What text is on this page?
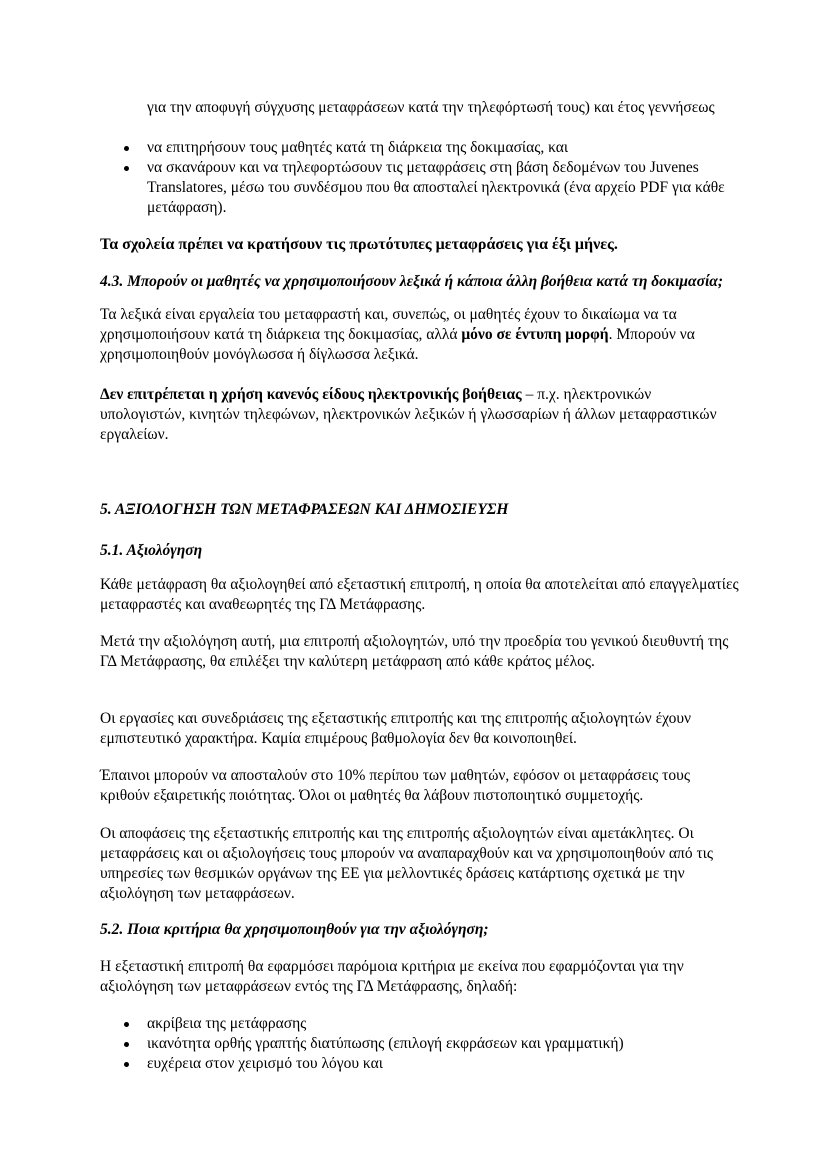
για την αποφυγή σύγχυσης μεταφράσεων κατά την τηλεφόρτωσή τους) και έτος γεννήσεως

να επιτηρήσουν τους μαθητές κατά τη διάρκεια της δοκιμασίας, και
να σκανάρουν και να τηλεφορτώσουν τις μεταφράσεις στη βάση δεδομένων του Juvenes Translatores, μέσω του συνδέσμου που θα αποσταλεί ηλεκτρονικά (ένα αρχείο PDF για κάθε μετάφραση).

Τα σχολεία πρέπει να κρατήσουν τις πρωτότυπες μεταφράσεις για έξι μήνες.

4.3. Μπορούν οι μαθητές να χρησιμοποιήσουν λεξικά ή κάποια άλλη βοήθεια κατά τη δοκιμασία;

Τα λεξικά είναι εργαλεία του μεταφραστή και, συνεπώς, οι μαθητές έχουν το δικαίωμα να τα χρησιμοποιήσουν κατά τη διάρκεια της δοκιμασίας, αλλά μόνο σε έντυπη μορφή. Μπορούν να χρησιμοποιηθούν μονόγλωσσα ή δίγλωσσα λεξικά.

Δεν επιτρέπεται η χρήση κανενός είδους ηλεκτρονικής βοήθειας – π.χ. ηλεκτρονικών υπολογιστών, κινητών τηλεφώνων, ηλεκτρονικών λεξικών ή γλωσσαρίων ή άλλων μεταφραστικών εργαλείων.

5. ΑΞΙΟΛΟΓΗΣΗ ΤΩΝ ΜΕΤΑΦΡΑΣΕΩΝ ΚΑΙ ΔΗΜΟΣΙΕΥΣΗ

5.1. Αξιολόγηση

Κάθε μετάφραση θα αξιολογηθεί από εξεταστική επιτροπή, η οποία θα αποτελείται από επαγγελματίες μεταφραστές και αναθεωρητές της ΓΔ Μετάφρασης.

Μετά την αξιολόγηση αυτή, μια επιτροπή αξιολογητών, υπό την προεδρία του γενικού διευθυντή της ΓΔ Μετάφρασης, θα επιλέξει την καλύτερη μετάφραση από κάθε κράτος μέλος.

Οι εργασίες και συνεδριάσεις της εξεταστικής επιτροπής και της επιτροπής αξιολογητών έχουν εμπιστευτικό χαρακτήρα. Καμία επιμέρους βαθμολογία δεν θα κοινοποιηθεί.

Έπαινοι μπορούν να αποσταλούν στο 10% περίπου των μαθητών, εφόσον οι μεταφράσεις τους κριθούν εξαιρετικής ποιότητας. Όλοι οι μαθητές θα λάβουν πιστοποιητικό συμμετοχής.

Οι αποφάσεις της εξεταστικής επιτροπής και της επιτροπής αξιολογητών είναι αμετάκλητες. Οι μεταφράσεις και οι αξιολογήσεις τους μπορούν να αναπαραχθούν και να χρησιμοποιηθούν από τις υπηρεσίες των θεσμικών οργάνων της ΕΕ για μελλοντικές δράσεις κατάρτισης σχετικά με την αξιολόγηση των μεταφράσεων.

5.2. Ποια κριτήρια θα χρησιμοποιηθούν για την αξιολόγηση;

Η εξεταστική επιτροπή θα εφαρμόσει παρόμοια κριτήρια με εκείνα που εφαρμόζονται για την αξιολόγηση των μεταφράσεων εντός της ΓΔ Μετάφρασης, δηλαδή:

ακρίβεια της μετάφρασης
ικανότητα ορθής γραπτής διατύπωσης (επιλογή εκφράσεων και γραμματική)
ευχέρεια στον χειρισμό του λόγου και
